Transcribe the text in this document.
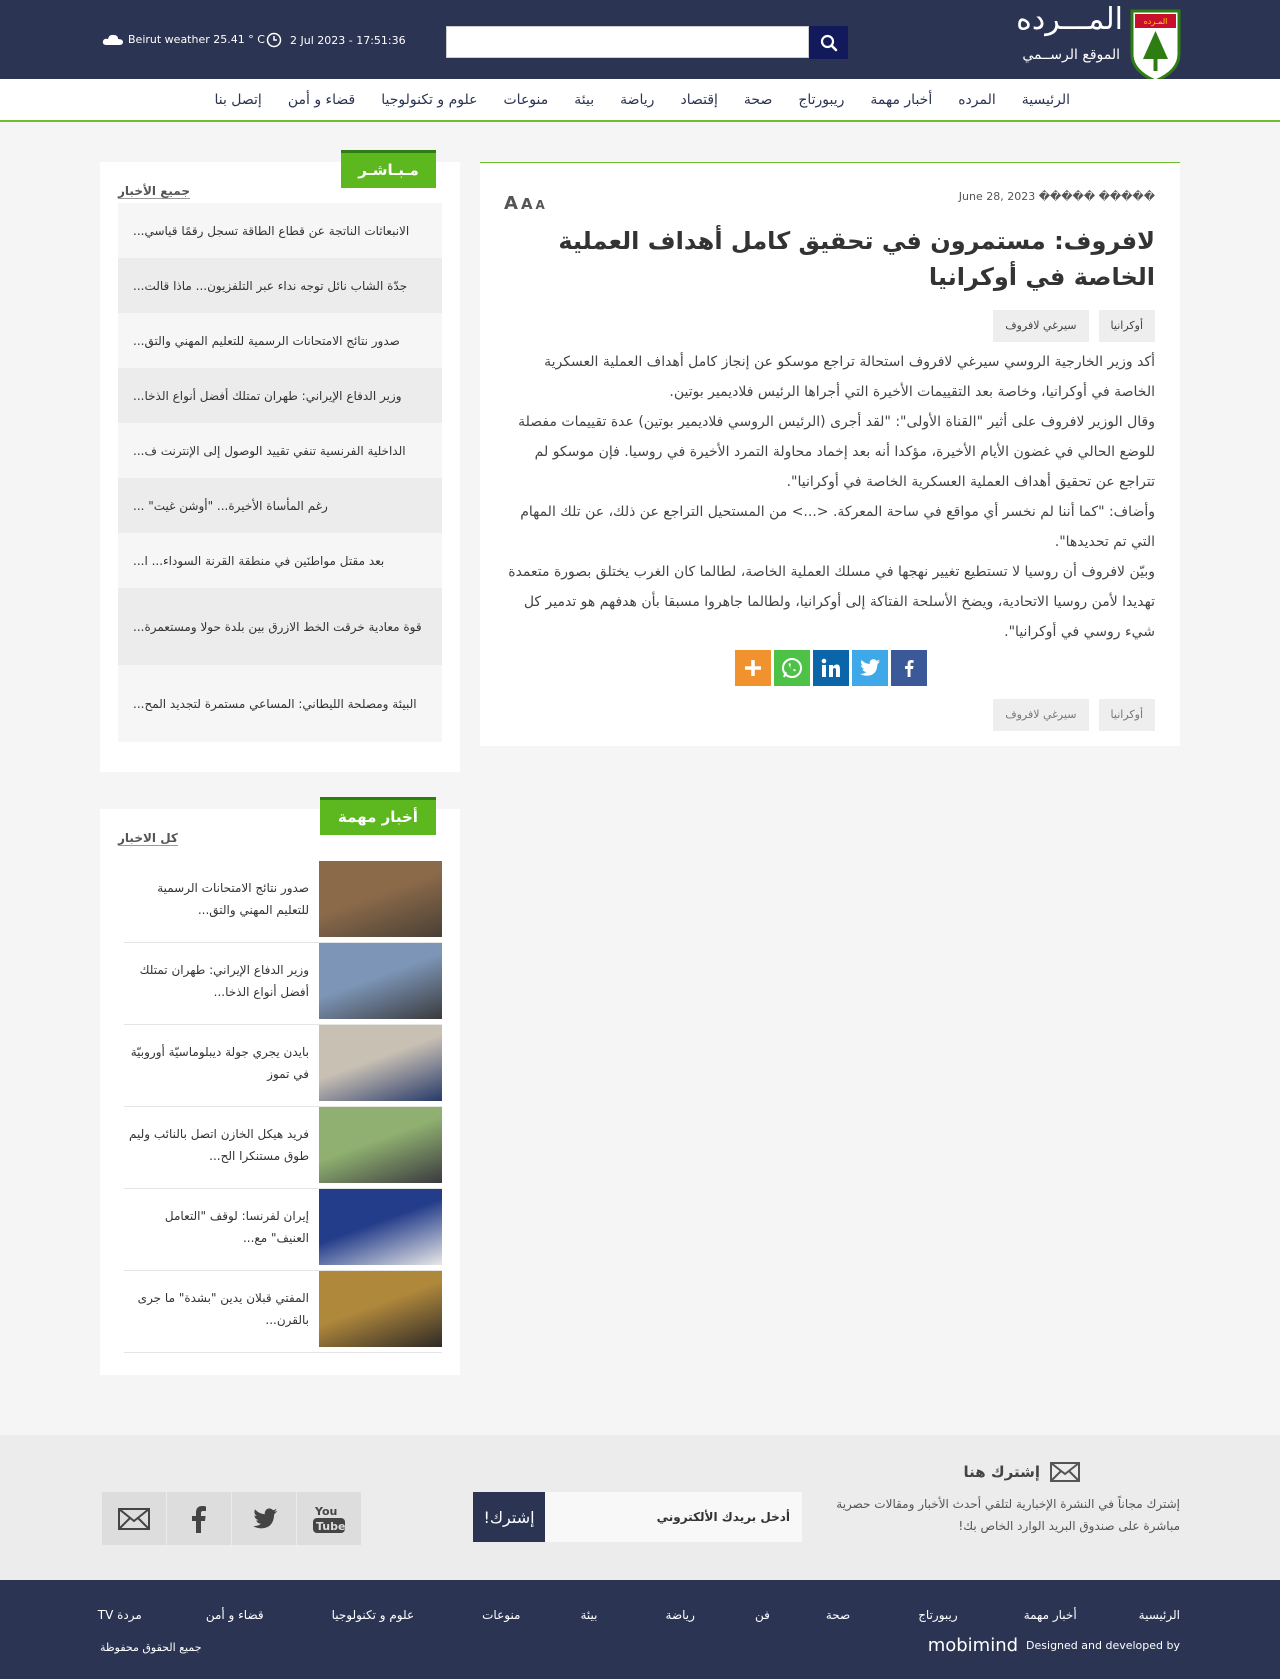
المـرده
المـــرده
الموقع الرســمي
2 Jul 2023 - 17:51:36
Beirut weather 25.41 ° C
الرئيسية
المرده
أخبار مهمة
ريبورتاج
صحة
إقتصاد
رياضة
بيئة
منوعات
علوم و تكنولوجيا
قضاء و أمن
إتصل بنا
June 28, 2023 ����� �����
A A A
لافروف: مستمرون في تحقيق كامل أهداف العملية الخاصة في أوكرانيا
أوكرانيا
سيرغي لافروف

أكد وزير الخارجية الروسي سيرغي لافروف استحالة تراجع موسكو عن إنجاز كامل أهداف العملية العسكرية الخاصة في أوكرانيا، وخاصة بعد التقييمات الأخيرة التي أجراها الرئيس فلاديمير بوتين.

وقال الوزير لافروف على أثير "القناة الأولى": "لقد أجرى (الرئيس الروسي فلاديمير بوتين) عدة تقييمات مفصلة للوضع الحالي في غضون الأيام الأخيرة، مؤكدا أنه بعد إخماد محاولة التمرد الأخيرة في روسيا. فإن موسكو لم تتراجع عن تحقيق أهداف العملية العسكرية الخاصة في أوكرانيا".

وأضاف: "كما أننا لم نخسر أي مواقع في ساحة المعركة. <...> من المستحيل التراجع عن ذلك، عن تلك المهام التي تم تحديدها".

وبيّن لافروف أن روسيا لا تستطيع تغيير نهجها في مسلك العملية الخاصة، لطالما كان الغرب يختلق بصورة متعمدة تهديدا لأمن روسيا الاتحادية، ويضخ الأسلحة الفتاكة إلى أوكرانيا، ولطالما جاهروا مسبقا بأن هدفهم هو تدمير كل شيء روسي في أوكرانيا".

أوكرانيا
سيرغي لافروف
مـبـاشـر
جميع الأخبار
الانبعاثات الناتجة عن قطاع الطاقة تسجل رقمًا قياسي...
جدّة الشاب نائل توجه نداء عبر التلفزيون... ماذا قالت...
صدور نتائج الامتحانات الرسمية للتعليم المهني والتق...
وزير الدفاع الإيراني: طهران تمتلك أفضل أنواع الذخا...
الداخلية الفرنسية تنفي تقييد الوصول إلى الإنترنت ف...
رغم المأساة الأخيرة... "أوشن غيت" ...
بعد مقتل مواطنَين في منطقة القرنة السوداء... ا...
قوة معادية خرقت الخط الازرق بين بلدة حولا ومستعمرة...
البيئة ومصلحة الليطاني: المساعي مستمرة لتجديد المح...
أخبار مهمة
كل الاخبار
صدور نتائج الامتحانات الرسمية للتعليم المهني والتق...
وزير الدفاع الإيراني: طهران تمتلك أفضل أنواع الذخا...
بايدن يجري جولة ديبلوماسيّة أوروبيّة في تموز
فريد هيكل الخازن اتصل بالنائب وليم طوق مستنكرا الح...
إيران لفرنسا: لوقف "التعامل العنيف" مع...
المفتي قبلان يدين "بشدة" ما جرى بالقرن...
إشترك هنا
إشترك مجاناً في النشرة الإخبارية لتلقي أحدث الأخبار ومقالات حصرية مباشرة على صندوق البريد الوارد الخاص بك!
أدخل بريدك الألكتروني
إشترك!
You
Tube
الرئيسية
أخبار مهمة
ريبورتاج
صحة
فن
رياضة
بيئة
منوعات
علوم و تكنولوجيا
قضاء و أمن
مردة TV
mobimind Designed and developed by
جميع الحقوق محفوظة
